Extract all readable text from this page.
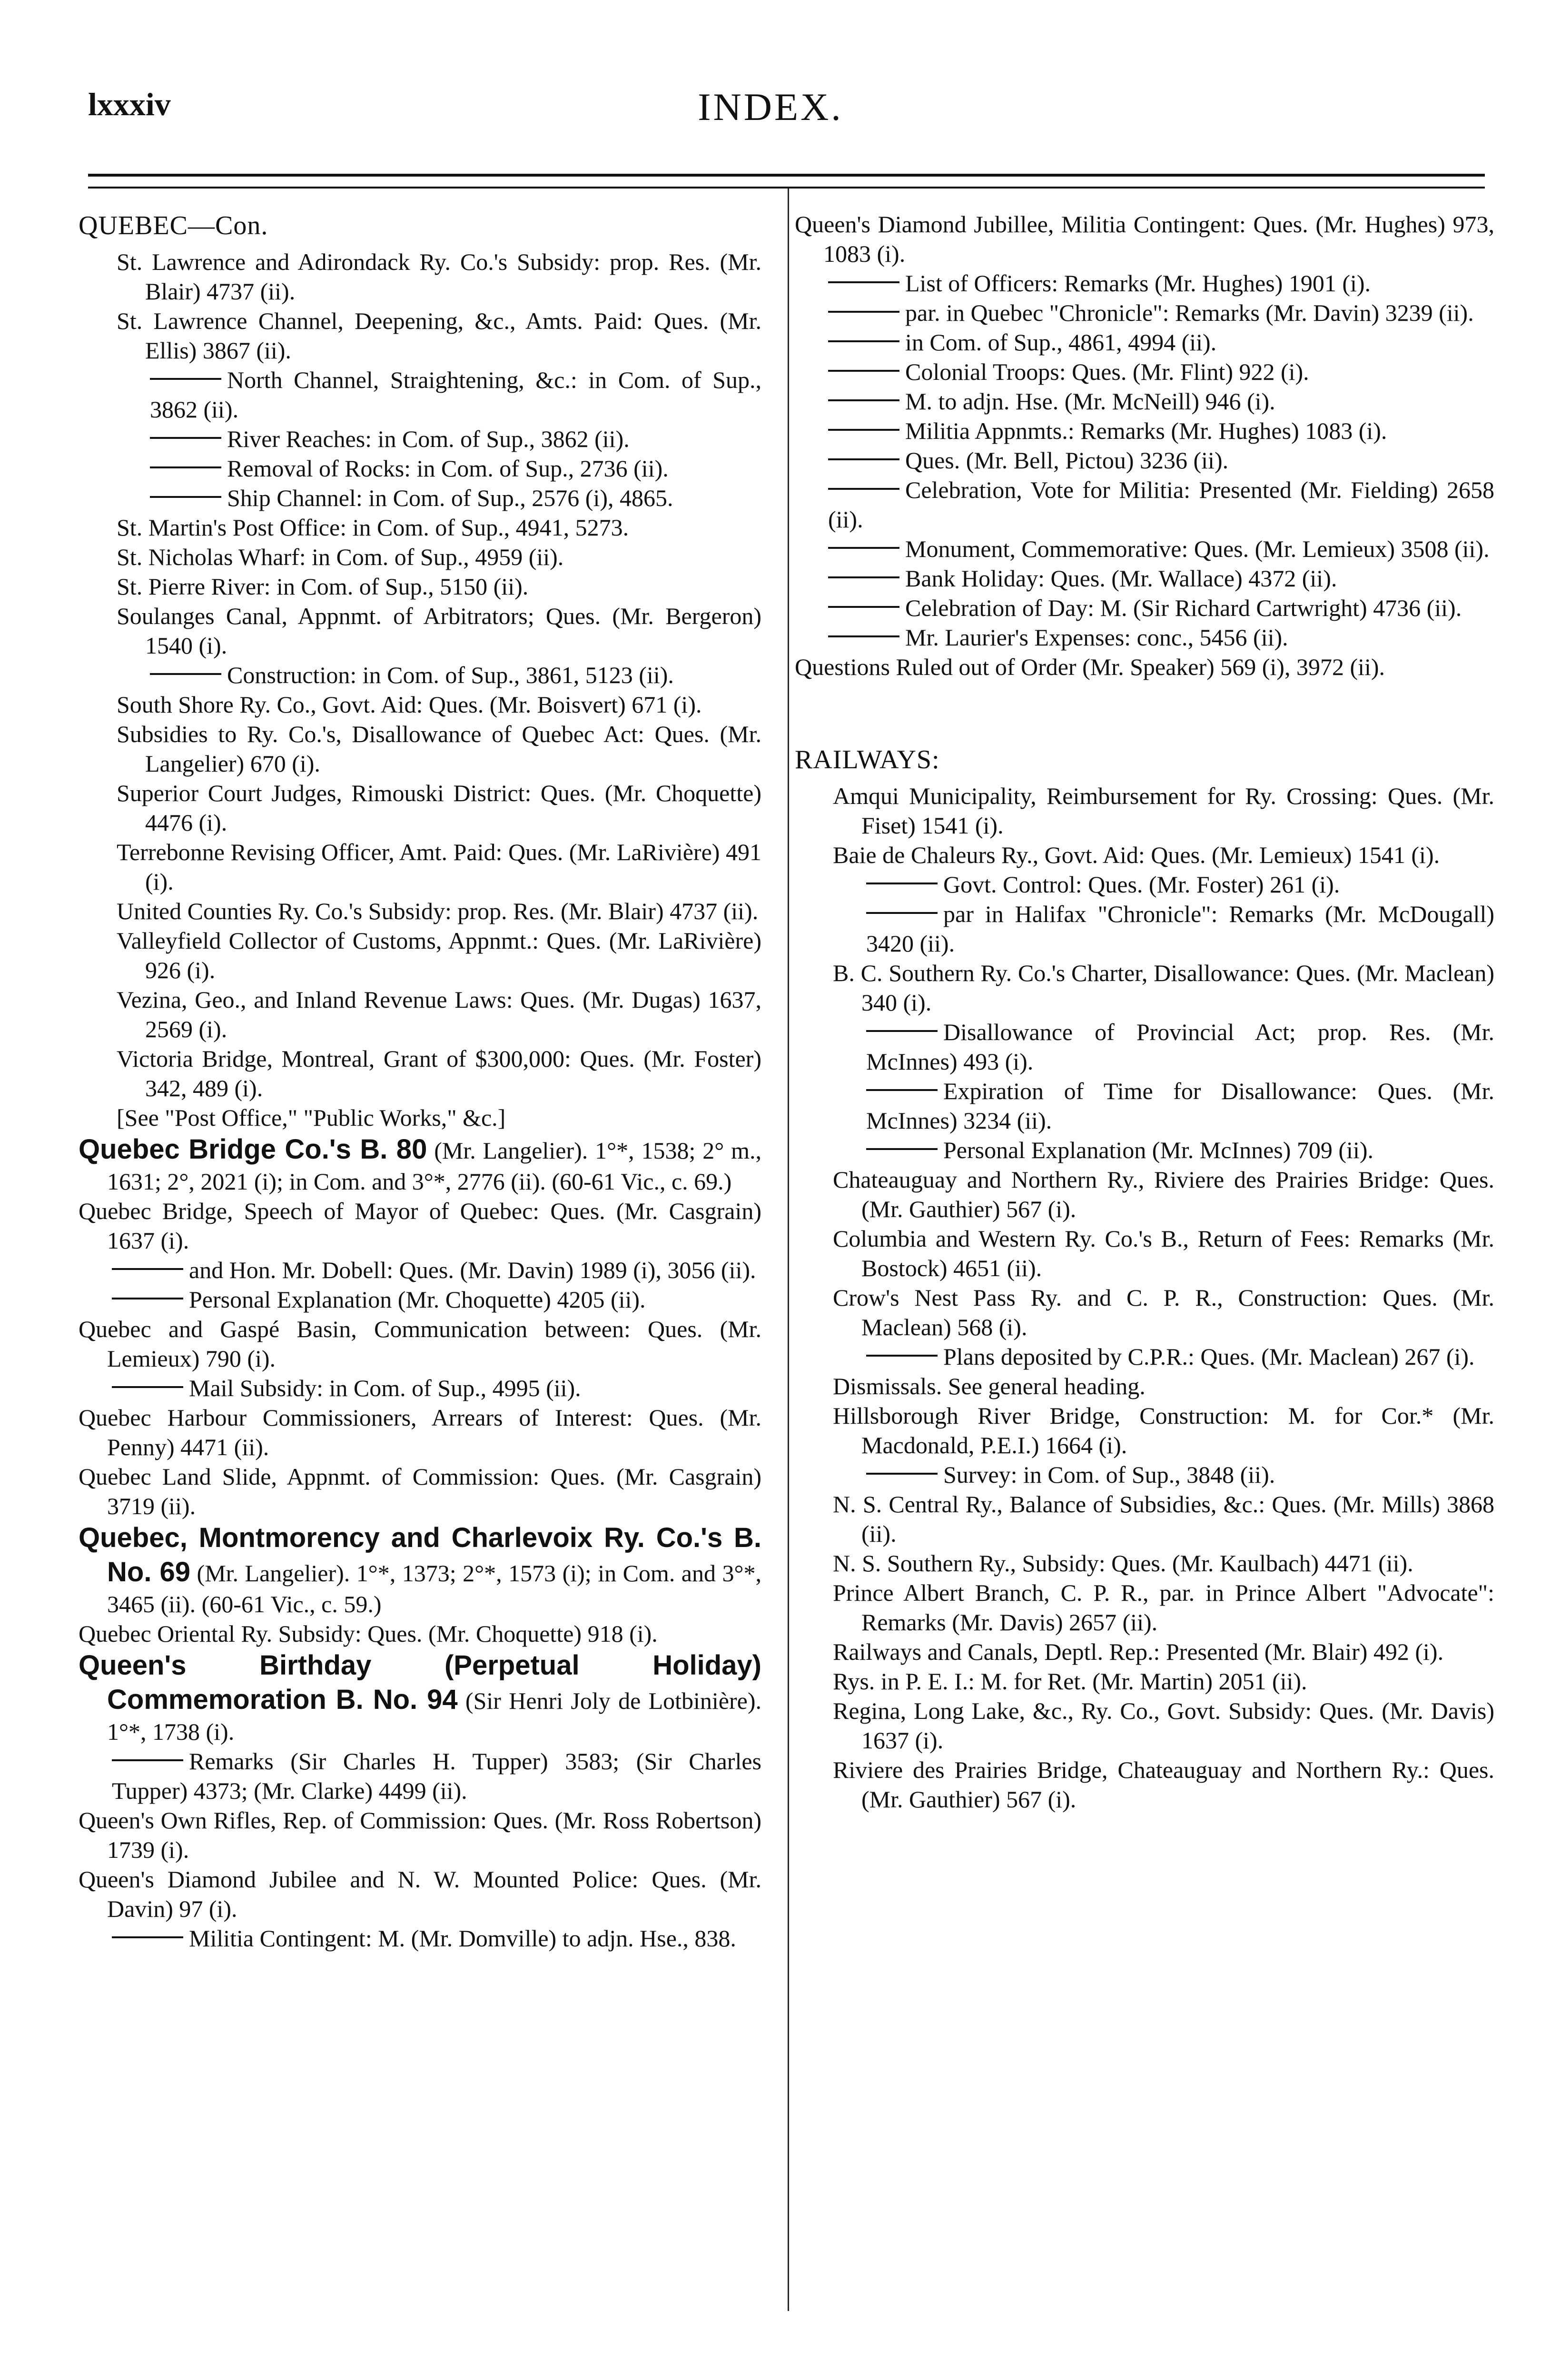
lxxxiv	INDEX.
QUEBEC—Con.

St. Lawrence and Adirondack Ry. Co.'s Subsidy: prop. Res. (Mr. Blair) 4737 (ii).

St. Lawrence Channel, Deepening, &c., Amts. Paid: Ques. (Mr. Ellis) 3867 (ii).

North Channel, Straightening, &c.: in Com. of Sup., 3862 (ii).

River Reaches: in Com. of Sup., 3862 (ii).

Removal of Rocks: in Com. of Sup., 2736 (ii).

Ship Channel: in Com. of Sup., 2576 (i), 4865.

St. Martin's Post Office: in Com. of Sup., 4941, 5273.

St. Nicholas Wharf: in Com. of Sup., 4959 (ii).

St. Pierre River: in Com. of Sup., 5150 (ii).

Soulanges Canal, Appnmt. of Arbitrators; Ques. (Mr. Bergeron) 1540 (i).

Construction: in Com. of Sup., 3861, 5123 (ii).

South Shore Ry. Co., Govt. Aid: Ques. (Mr. Boisvert) 671 (i).

Subsidies to Ry. Co.'s, Disallowance of Quebec Act: Ques. (Mr. Langelier) 670 (i).

Superior Court Judges, Rimouski District: Ques. (Mr. Choquette) 4476 (i).

Terrebonne Revising Officer, Amt. Paid: Ques. (Mr. LaRivière) 491 (i).

United Counties Ry. Co.'s Subsidy: prop. Res. (Mr. Blair) 4737 (ii).

Valleyfield Collector of Customs, Appnmt.: Ques. (Mr. LaRivière) 926 (i).

Vezina, Geo., and Inland Revenue Laws: Ques. (Mr. Dugas) 1637, 2569 (i).

Victoria Bridge, Montreal, Grant of $300,000: Ques. (Mr. Foster) 342, 489 (i).

[See "Post Office," "Public Works," &c.]

Quebec Bridge Co.'s B. 80 (Mr. Langelier). 1°*, 1538; 2° m., 1631; 2°, 2021 (i); in Com. and 3°*, 2776 (ii). (60-61 Vic., c. 69.)

Quebec Bridge, Speech of Mayor of Quebec: Ques. (Mr. Casgrain) 1637 (i).

and Hon. Mr. Dobell: Ques. (Mr. Davin) 1989 (i), 3056 (ii).

Personal Explanation (Mr. Choquette) 4205 (ii).

Quebec and Gaspé Basin, Communication between: Ques. (Mr. Lemieux) 790 (i).

Mail Subsidy: in Com. of Sup., 4995 (ii).

Quebec Harbour Commissioners, Arrears of Interest: Ques. (Mr. Penny) 4471 (ii).

Quebec Land Slide, Appnmt. of Commission: Ques. (Mr. Casgrain) 3719 (ii).

Quebec, Montmorency and Charlevoix Ry. Co.'s B. No. 69 (Mr. Langelier). 1°*, 1373; 2°*, 1573 (i); in Com. and 3°*, 3465 (ii). (60-61 Vic., c. 59.)

Quebec Oriental Ry. Subsidy: Ques. (Mr. Choquette) 918 (i).

Queen's Birthday (Perpetual Holiday) Commemoration B. No. 94 (Sir Henri Joly de Lotbinière). 1°*, 1738 (i).

Remarks (Sir Charles H. Tupper) 3583; (Sir Charles Tupper) 4373; (Mr. Clarke) 4499 (ii).

Queen's Own Rifles, Rep. of Commission: Ques. (Mr. Ross Robertson) 1739 (i).

Queen's Diamond Jubilee and N. W. Mounted Police: Ques. (Mr. Davin) 97 (i).

Militia Contingent: M. (Mr. Domville) to adjn. Hse., 838.

Queen's Diamond Jubillee, Militia Contingent: Ques. (Mr. Hughes) 973, 1083 (i).

List of Officers: Remarks (Mr. Hughes) 1901 (i).

par. in Quebec "Chronicle": Remarks (Mr. Davin) 3239 (ii).

in Com. of Sup., 4861, 4994 (ii).

Colonial Troops: Ques. (Mr. Flint) 922 (i).

M. to adjn. Hse. (Mr. McNeill) 946 (i).

Militia Appnmts.: Remarks (Mr. Hughes) 1083 (i).

Ques. (Mr. Bell, Pictou) 3236 (ii).

Celebration, Vote for Militia: Presented (Mr. Fielding) 2658 (ii).

Monument, Commemorative: Ques. (Mr. Lemieux) 3508 (ii).

Bank Holiday: Ques. (Mr. Wallace) 4372 (ii).

Celebration of Day: M. (Sir Richard Cartwright) 4736 (ii).

Mr. Laurier's Expenses: conc., 5456 (ii).

Questions Ruled out of Order (Mr. Speaker) 569 (i), 3972 (ii).

RAILWAYS:

Amqui Municipality, Reimbursement for Ry. Crossing: Ques. (Mr. Fiset) 1541 (i).

Baie de Chaleurs Ry., Govt. Aid: Ques. (Mr. Lemieux) 1541 (i).

Govt. Control: Ques. (Mr. Foster) 261 (i).

par in Halifax "Chronicle": Remarks (Mr. McDougall) 3420 (ii).

B. C. Southern Ry. Co.'s Charter, Disallowance: Ques. (Mr. Maclean) 340 (i).

Disallowance of Provincial Act; prop. Res. (Mr. McInnes) 493 (i).

Expiration of Time for Disallowance: Ques. (Mr. McInnes) 3234 (ii).

Personal Explanation (Mr. McInnes) 709 (ii).

Chateauguay and Northern Ry., Riviere des Prairies Bridge: Ques. (Mr. Gauthier) 567 (i).

Columbia and Western Ry. Co.'s B., Return of Fees: Remarks (Mr. Bostock) 4651 (ii).

Crow's Nest Pass Ry. and C. P. R., Construction: Ques. (Mr. Maclean) 568 (i).

Plans deposited by C.P.R.: Ques. (Mr. Maclean) 267 (i).

Dismissals. See general heading.

Hillsborough River Bridge, Construction: M. for Cor.* (Mr. Macdonald, P.E.I.) 1664 (i).

Survey: in Com. of Sup., 3848 (ii).

N. S. Central Ry., Balance of Subsidies, &c.: Ques. (Mr. Mills) 3868 (ii).

N. S. Southern Ry., Subsidy: Ques. (Mr. Kaulbach) 4471 (ii).

Prince Albert Branch, C. P. R., par. in Prince Albert "Advocate": Remarks (Mr. Davis) 2657 (ii).

Railways and Canals, Deptl. Rep.: Presented (Mr. Blair) 492 (i).

Rys. in P. E. I.: M. for Ret. (Mr. Martin) 2051 (ii).

Regina, Long Lake, &c., Ry. Co., Govt. Subsidy: Ques. (Mr. Davis) 1637 (i).

Riviere des Prairies Bridge, Chateauguay and Northern Ry.: Ques. (Mr. Gauthier) 567 (i).
